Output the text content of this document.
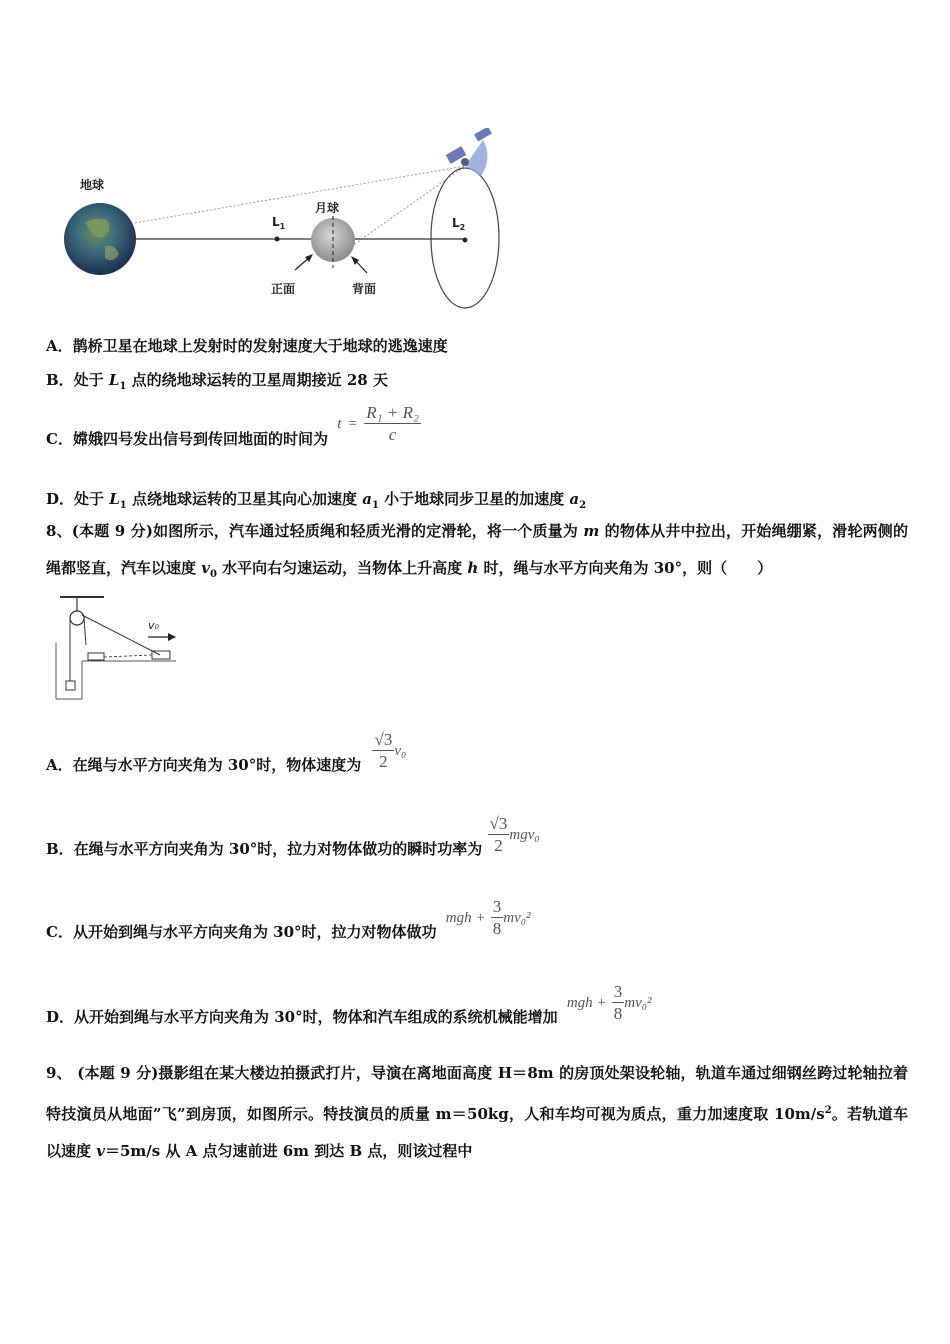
地球
$L_1$
月球
正面	背面
$L_2$
A．鹊桥卫星在地球上发射时的发射速度大于地球的逃逸速度
B．处于 $L_1$ 点的绕地球运转的卫星周期接近 28 天
C．嫦娥四号发出信号到传回地面的时间为 $t = \frac{\text{R₁ + R₂}}{c}$
D．处于 $L_1$ 点绕地球运转的卫星其向心加速度 $a_1$ 小于地球同步卫星的加速度 $a_2$
8、(本题 9 分)如图所示，汽车通过轻质绳和轻质光滑的定滑轮，将一个质量为 m 的物体从井中拉出，开始绳绷紧，滑轮两侧的绳都竖直，汽车以速度 $v_0$ 水平向右匀速运动，当物体上升高度 h 时，绳与水平方向夹角为 30°，则（　　）
v₀
A．在绳与水平方向夹角为 30°时，物体速度为 $\frac{√3}{2} v_0$
B．在绳与水平方向夹角为 30°时，拉力对物体做功的瞬时功率为 $\frac{√3}{2} mgv_0$
C．从开始到绳与水平方向夹角为 30°时，拉力对物体做功 mgh + $\frac{3}{8} mv_0^2$
D．从开始到绳与水平方向夹角为 30°时，物体和汽车组成的系统机械能增加 mgh + $\frac{3}{8} mv_0^2$
9、 (本题 9 分)摄影组在某大楼边拍摄武打片，导演在离地面高度 H＝8m 的房顶处架设轮轴，轨道车通过细钢丝跨过轮轴拉着特技演员从地面”飞”到房顶，如图所示。特技演员的质量 m＝50kg，人和车均可视为质点，重力加速度取 $10m/s^2$。若轨道车以速度 v＝5m/s 从 A 点匀速前进 6m 到达 B 点，则该过程中
